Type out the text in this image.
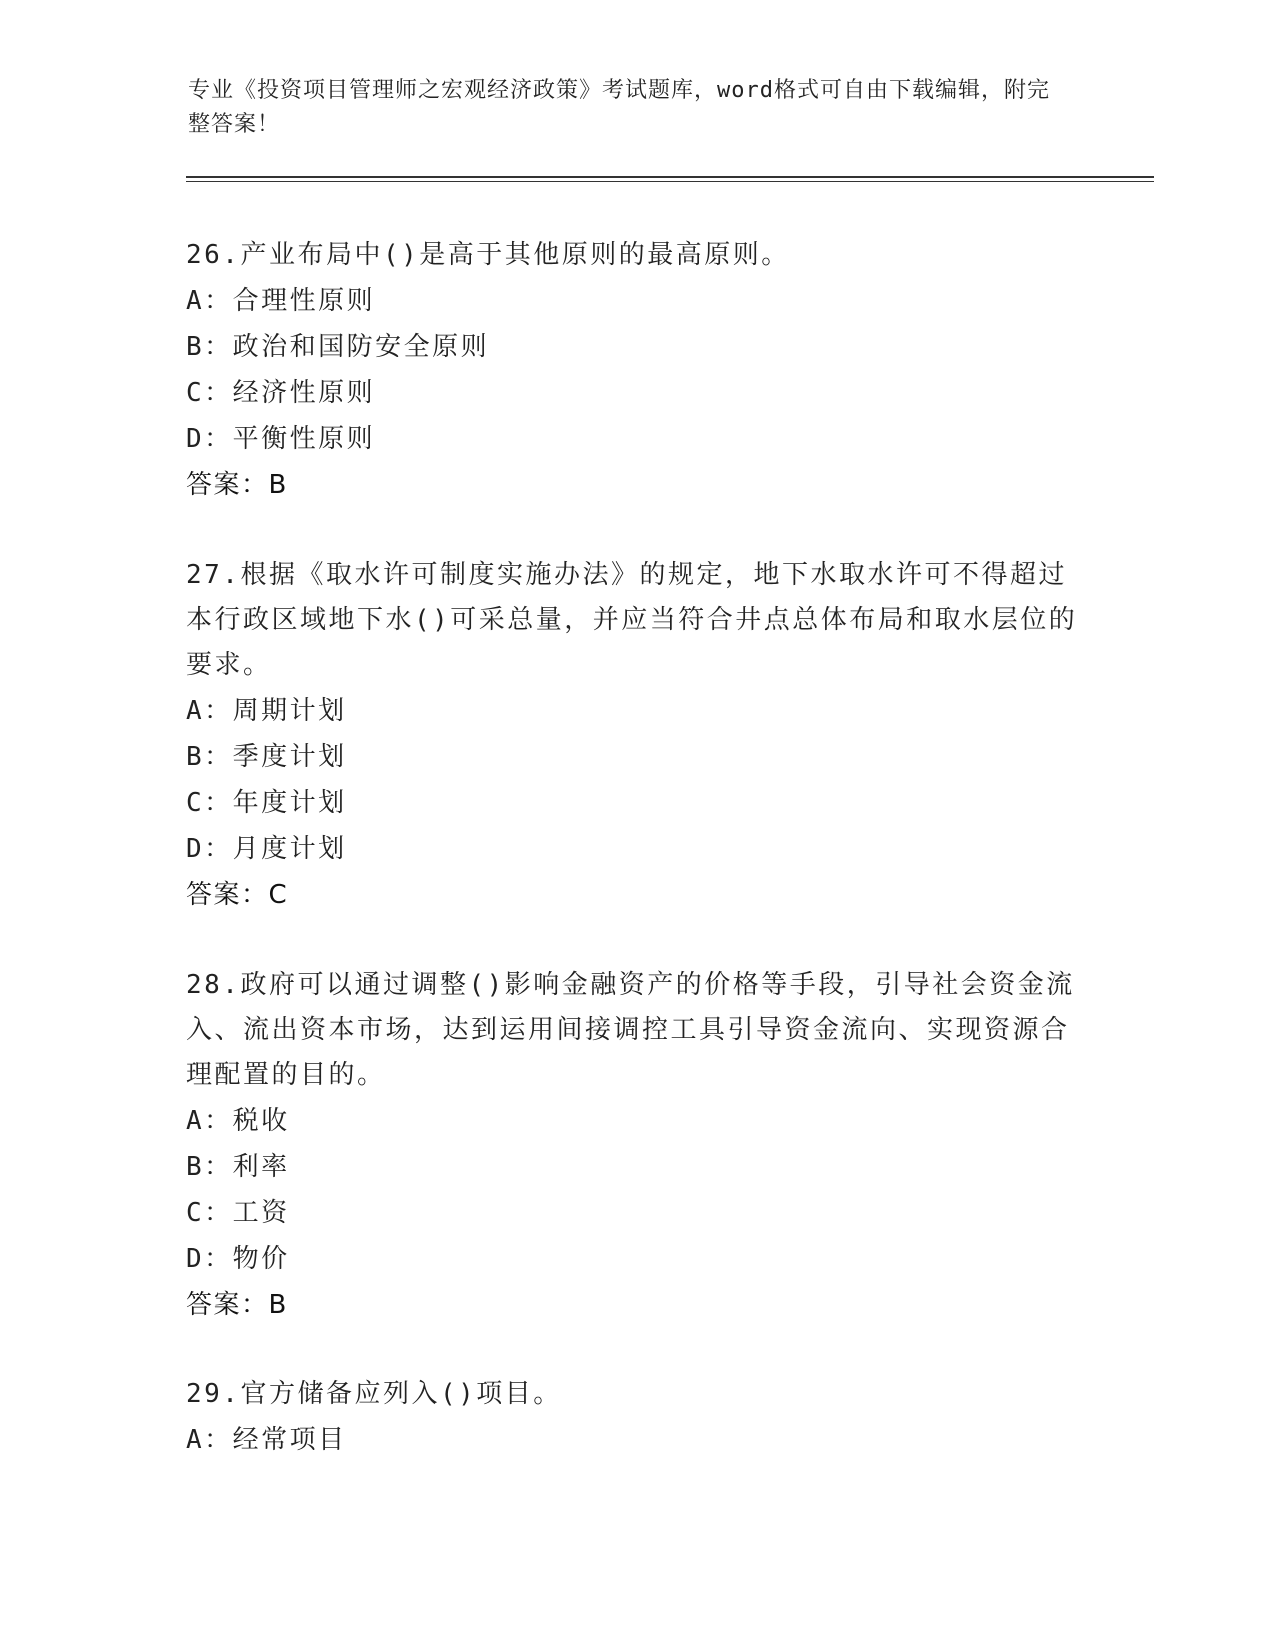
专业《投资项目管理师之宏观经济政策》考试题库，word格式可自由下载编辑，附完整答案！

26.产业布局中()是高于其他原则的最高原则。

A：合理性原则

B：政治和国防安全原则

C：经济性原则

D：平衡性原则

答案：B

27.根据《取水许可制度实施办法》的规定，地下水取水许可不得超过本行政区域地下水()可采总量，并应当符合井点总体布局和取水层位的要求。

A：周期计划

B：季度计划

C：年度计划

D：月度计划

答案：C

28.政府可以通过调整()影响金融资产的价格等手段，引导社会资金流入、流出资本市场，达到运用间接调控工具引导资金流向、实现资源合理配置的目的。

A：税收

B：利率

C：工资

D：物价

答案：B

29.官方储备应列入()项目。

A：经常项目
